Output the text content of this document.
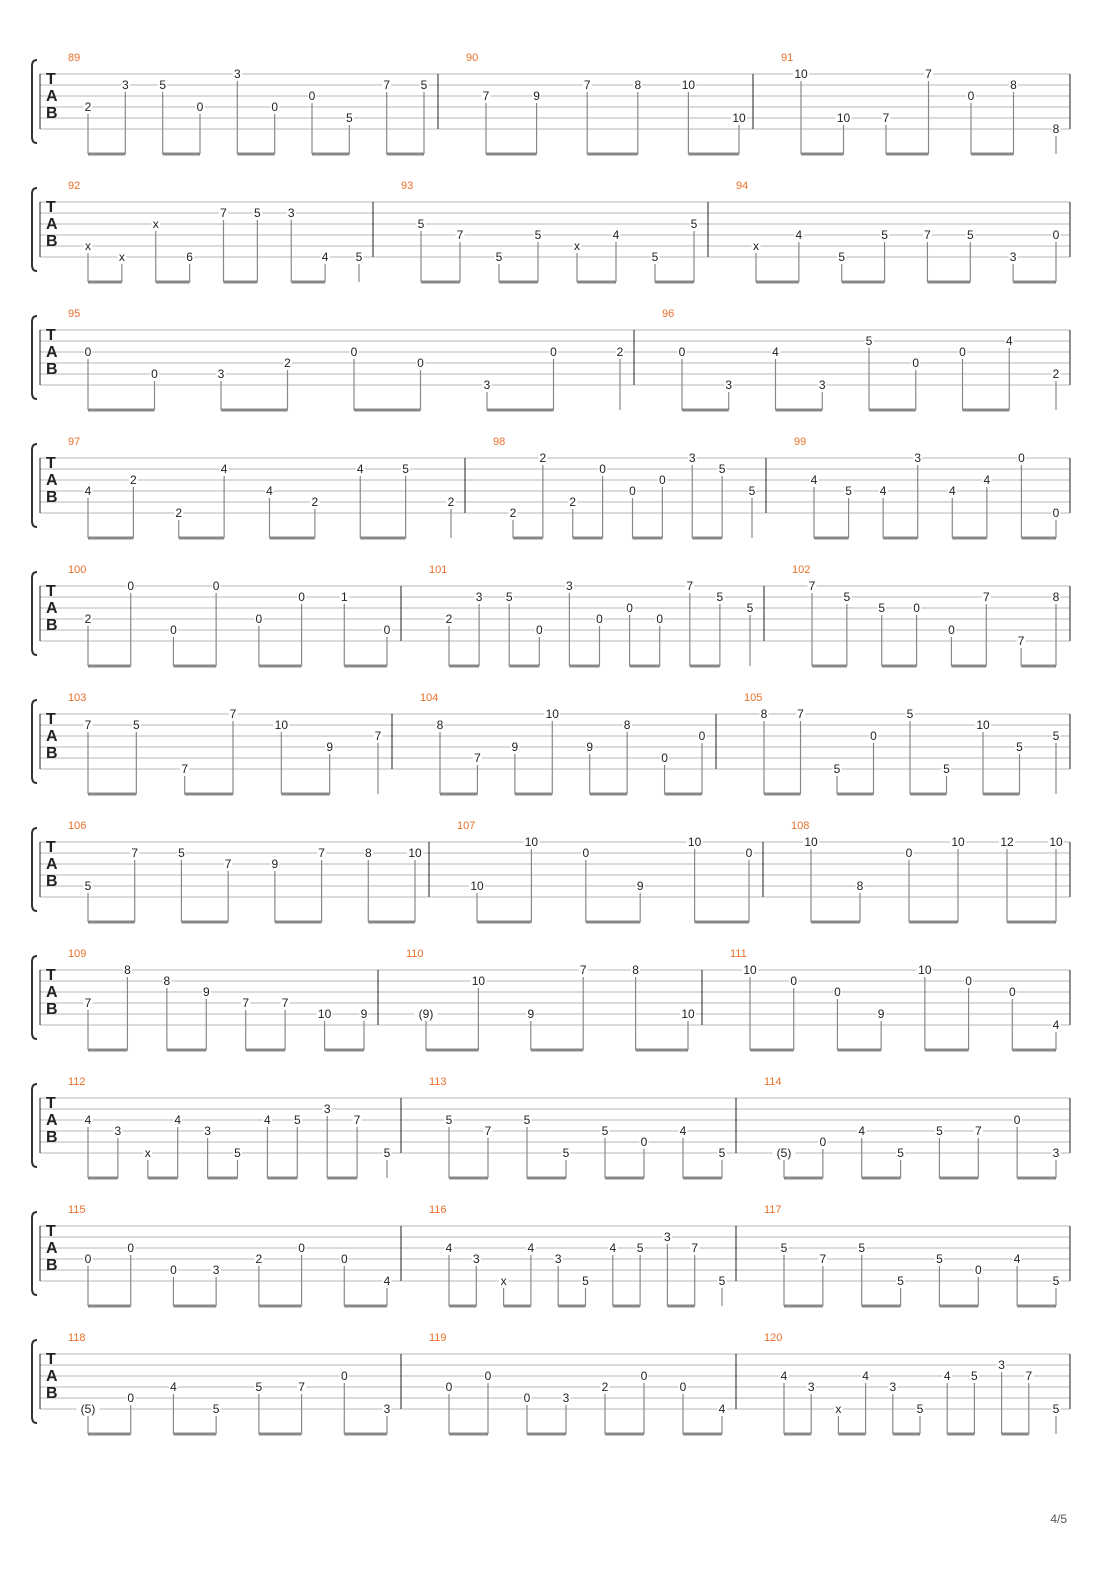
T
A
B
89
2
3	5
0
3
0
0
5
7	5
90
7	9
7	8	10
10
91
10
10	7
7
0
8
8
T
A
B
92
x
x
x
6
7 5 3
4 5
93
5
7
5
5
x
4
5
5
94
x
4
5
5	7	5
3
0
T
A
B
95
0
0	3
2
0
0
3
0	2
96
0
3
4
3
5
0
0
4
2
T
A
B
97
4
2
2
4
4
2
4	5
2
98
2
2
2
0
0
0
3
5
5
99
4
5 4
3
4
4
0
0
T
A
B
100
2
0
0
0
0
0	1
0
101
2
3 5
0
3
0
0
0
7
5
5
102
7
5
5 0
0
7
7
8
T
A
B
103
7	5
7
7
10
9
7
104
8
7
9
10
9
8
0
0
105
8 7
5
0
5
5
10
5
5
T
A
B
106
5
7	5
7	9
7	8	10
107
10
10
0
9
10
0
108
10
8
0
10	12	10
T
A
B
109
7
8
8
9
7	7
10 9
110
(9)
10
9
7	8
10
111
10
0
0
9
10
0
0
4
T
A
B
112
4
3
x
4
3
5
4 5
3
7
5
113
5
7
5
5
5
0
4
5
114
(5)
0
4
5
5	7
0
3
T
A
B
115
0
0
0	3
2
0
0
4
116
4
3
x
4
3
5
4 5
3
7
5
117
5
7
5
5
5
0
4
5
T
A
B
118
(5)
0
4
5
5	7
0
3
119
0
0
0	3
2
0
0
4
120
4
3
x
4
3
5
4 5
3
7
5
4/5
